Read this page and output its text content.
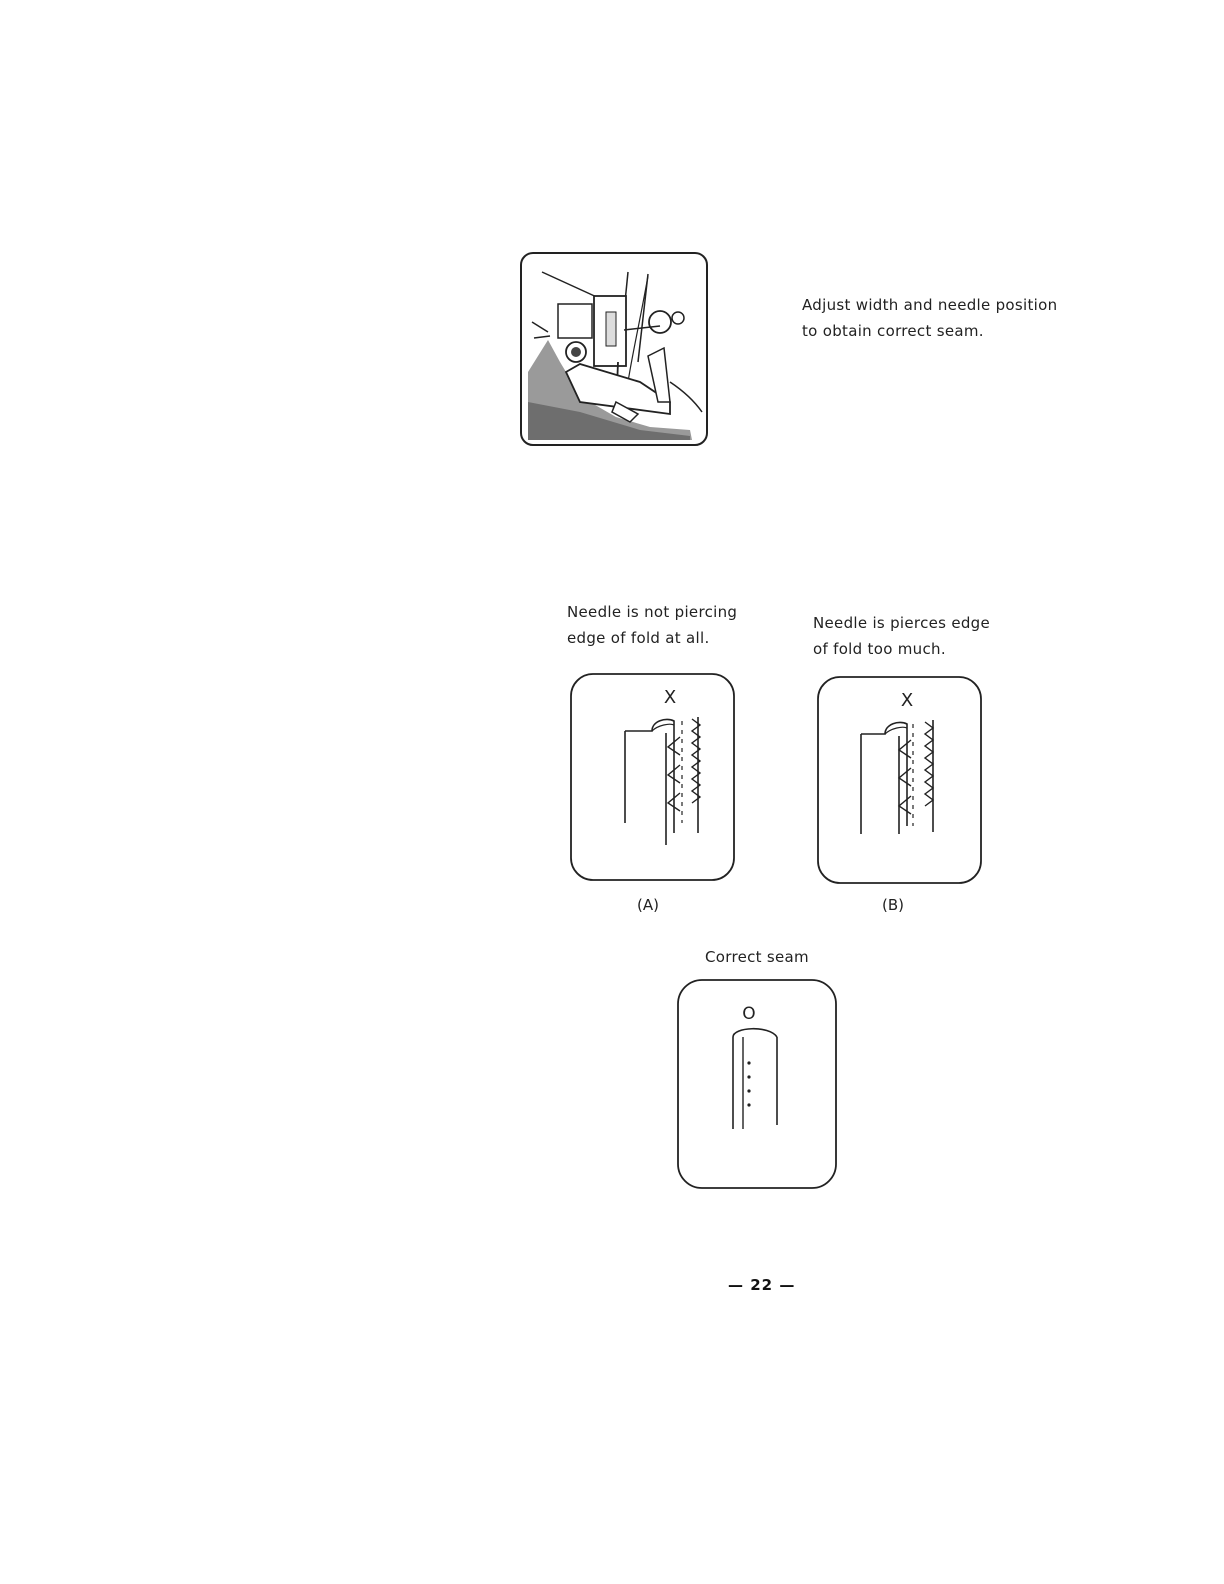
Adjust width and needle position
to obtain correct seam.
Needle is not piercing
edge of fold at all.
Needle is pierces edge
of fold too much.
X	X
(A)	(B)
Correct seam
O
— 22 —
